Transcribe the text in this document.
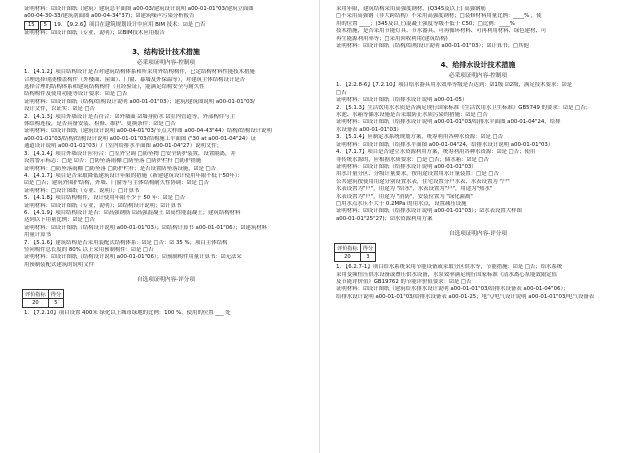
证明材料：☑设计图纸（建筑）建筑总平面图 a00-03/建筑设计说明 a00-01-01"03/建筑立面图
a00-04-30-33/建筑剖面图 a00-04-34"37)；☑建筑噪声污染分析报告
15	5	19. 【9.2.6】项目在建筑规划设计中应用 BIM 技术：☑是 □否
证明材料：☑设计图纸（专业，说明）；☑BIM技术应用报告
3、结构设计技术措施
必采项证明内容-控制项
1. 【4.1.2】项目结构设计是否对建筑结构体系和所采用外结构构件，已定结构材料性能技术措施
合理选择现浇楼盖构件（外楼面、屋面）、门窗、幕墙及外保温等），对建筑主体结构设计是否
选择合理的结构体系和建筑结构构件（且经验证），能满足结构安全与耐久性
结构构件及使用功能等设计要求：☑是 □否
证明材料：☑设计图纸（结构/结构设计说明 a00-01-01"03）；建筑/建筑图说明 a00-01-01"03/
设计文件，以证实：☑是 □否
2. 【4.1.3】项目外墙设计是否符合：☑外墙面 ☑墙身防水 ☑室内管道等，外部构件与主
体结构连接，是否具备安装、检修、维护、更换条件：☑是 □否
证明材料：☑设计图纸（建筑设计说明 a00-04-01"03/节点大样图 a00-04-43"44）结构/结构设计说明
a00-01-01"03/结构/结构设计说明 a00-01-01"03/结构施工平面图 ("30 at a00-01-04"24）证
通道设计说明 a00-01-01"03）/（室内给排水平面图 a00-01-04"27）说明文件；
3. 【4.1.4】项目外墙设计应符合：□室外空调 □防坠物 □安全防护装置，设置隔离，并
设置警示标志：□是 ☑否：□防坠落雨棚 □防坠落 □防护栏杆 □防护措施
证明材料：□防坠落雨棚 □防坠落 □防护栏杆；是否设置防坠落设施，☑是 □否
4. 【4.1.7】项目是否采取降低建筑设计年限的措施（新建建筑设计使用年限不低于50年）：
☑是 □否；建筑外围护结构，外墙、门窗等与主体结构耐久性协调：☑是 □否
证明材料：□设计图纸（专业、说明）；□计算书
5. 【4.1.8】项目结构构件，设计使用年限不少于 50 年：☑是 □否
证明材料：☑设计图纸（专业，说明）；☑结构设计说明；☑计算书
6. 【4.1.9】项目结构设计是否：☑高强钢筋 ☑高强混凝土 ☑高性能混凝土；建筑结构材料
达到以下用量比例：☑是 □否
证明材料：☑设计图纸（结构设计说明 a00-01-01"03）；☑结构计算书 a00-01-01"06）；☑建筑材料
用量计算书
7. 【5.1.6】建筑结构是否采用装配式结构体系：☑是 □否：☑ 35 %；项目主体结构
竖向构件总长度的 80% 以上采用预制构件：☑是 □否
证明材料：☑设计图纸（结构设计说明 a00-01-01"06）；☑预制构件用量计算书：☑无法采
用预制装配式建筑的说明文件
自选项证明内容-评分项
评价指标	得分
20	5
1. 【7.2.10】项目设置 400米 绿化以上城市绿地的比例：100 %，使用的位置 ___ 处
采用年限，建筑结构采用高强度钢材，(Q345及以上) 高强钢筋
□不采用高强钢（非大跨结构）不采用高强度钢材；□装修材料用量比例：____% ，使
用的位置 ____；(345及以上)混凝土强度等级不低于 C50；□比例：____%
技术措施，是否采用节能灯具、节水器具、可再循环材料、可再利用材料、绿色建材、可
再生能源利用率等；□采用回收利用(建筑结构)
证明材料：☑设计图纸（结构/结构设计说明 a00-01-01"03）；☑计算书；□其他
4、给排水设计技术措施
必采项证明内容-控制项
1. 【2.2.8-6】【7.2.10】项目给水器具用水效率等级是否达到：☑1级 ☑2级，满足技术要求：☑是
□否
证明材料：☑设计图纸（给排水设计说明 a00-01-05）
2. 【5.1.3】生活饮用水水质是否满足现行国家标准《生活饮用水卫生标准》GB5749 的要求：☑是 □否；
水池、水箱等储水设施是否采取防止水质污染的措施：☑是 □否
证明材料：☑设计图纸（给排水设计说明 a00-01-01"03/给排水平面图 a00-01-04"24，给排
水设备表 a00-01-01"03）
3. 【5.1.4】应制定水系统规划方案，统筹利用各种水资源：☑是 □否
证明材料：☑设计图纸（给排水平面图 a00-01-04"24，给排水设计说明 a00-01-01"03）
4. 【7.1.7】项目是否建立水资源利用方案，统筹利用各种水资源：☑是 □否；使用
非传统水源的，应根据水质要求：□是 □否；储水箱：☑是 □否
证明材料：☑设计图纸（给排水设计说明 a00-01-01"03）
用水计量分区、分级计量要求，按用途设置用水计量装置：□是 □否
公共建筑按使用用途分别设置水表，住宅设置分户水表、水表设置为 "户"
水表设置为"户"，用途为 "给水"，水表设置为"户"，用途为"热水"
水表设置为"户"，用途为 "消防"，安装位置为 "绿化灌溉"
□用水点水压不大于 0.2MPa 的用水点，设置减压设施
证明材料：☑设计图纸（给排水设计说明 a00-01-01"03）；☑水表设置大样图
a00-01-01"25"27)；☑水资源利用方案
自选项证明内容-评分项
评价指标	得分
20	3
1. 【6.2.7-1】项目给水系统采用节能设备或采取分区供水等，节能措施：☑是 □否；给水系统
采用变频恒压供水设备或叠压供水设备，水泵效率满足现行国家标准《清水离心泵能效限定值
及节能评价值》GB19762 的节能评价值要求：☑是 □否
证明材料：☑设计图纸（建筑给水排水设计说明 a00-01-01"03/给排水设备表 a00-01-04"06）；
给排水设计说明 a00-01-01"03/给排水设备表 a00-01-25；电气/电气设计说明 a00-01-01"03/电气设备表
